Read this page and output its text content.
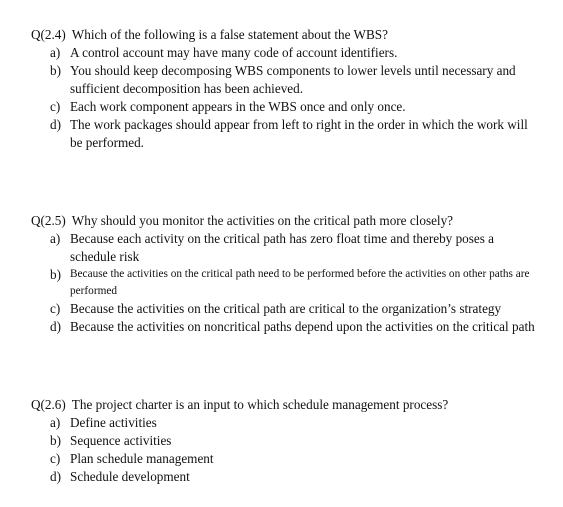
Q(2.4) Which of the following is a false statement about the WBS?
a) A control account may have many code of account identifiers.
b) You should keep decomposing WBS components to lower levels until necessary and sufficient decomposition has been achieved.
c) Each work component appears in the WBS once and only once.
d) The work packages should appear from left to right in the order in which the work will be performed.
Q(2.5) Why should you monitor the activities on the critical path more closely?
a) Because each activity on the critical path has zero float time and thereby poses a schedule risk
b) Because the activities on the critical path need to be performed before the activities on other paths are performed
c) Because the activities on the critical path are critical to the organization’s strategy
d) Because the activities on noncritical paths depend upon the activities on the critical path
Q(2.6) The project charter is an input to which schedule management process?
a) Define activities
b) Sequence activities
c) Plan schedule management
d) Schedule development
